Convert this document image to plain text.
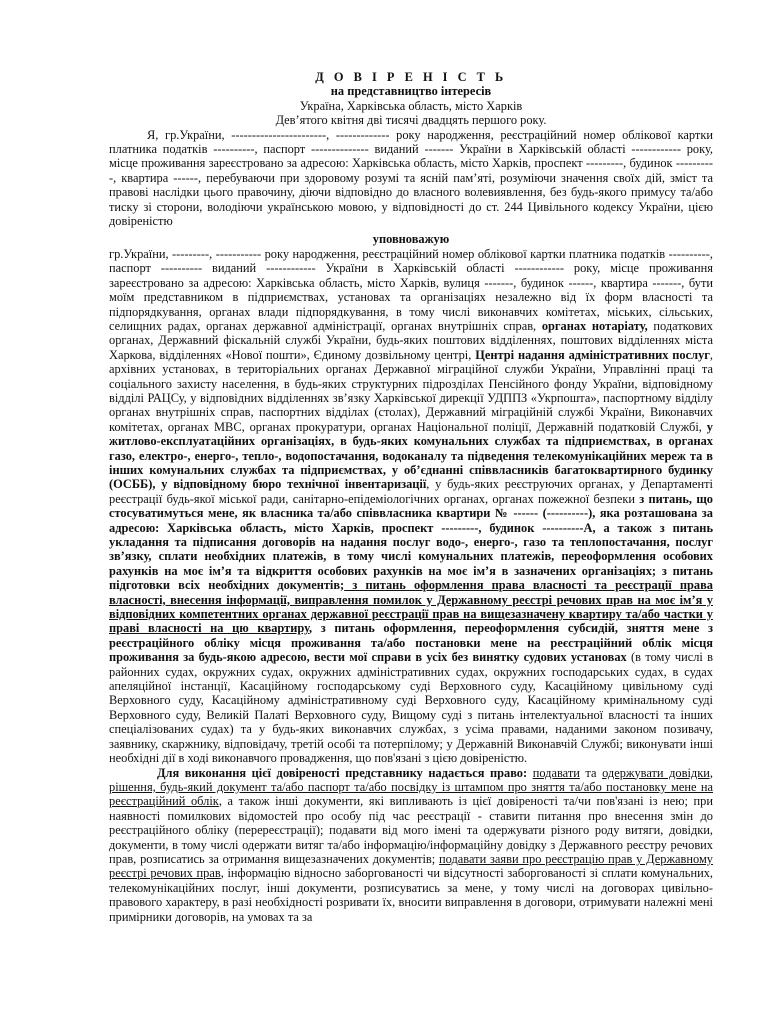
Д О В І Р Е Н І С Т Ь
на представництво інтересів
Україна, Харківська область, місто Харків
Дев’ятого квітня дві тисячі двадцять першого року.

Я, гр.України, -----------------------, ------------- року народження, реєстраційний номер облікової картки платника податків ----------, паспорт -------------- виданий ------- України в Харківській області ------------ року, місце проживання зареєстровано за адресою: Харківська область, місто Харків, проспект ---------, будинок ----------, квартира ------, перебуваючи при здоровому розумі та ясній пам’яті, розуміючи значення своїх дій, зміст та правові наслідки цього правочину, діючи відповідно до власного волевиявлення, без будь-якого примусу та/або тиску зі сторони, володіючи українською мовою, у відповідності до ст. 244 Цивільного кодексу України, цією довіреністю

уповноважую

гр.України, ---------, ----------- року народження, реєстраційний номер облікової картки платника податків ----------, паспорт ---------- виданий ------------ України в Харківській області ------------ року, місце проживання зареєстровано за адресою: Харківська область, місто Харків, вулиця -------, будинок ------, квартира -------, бути моїм представником в підприємствах, установах та організаціях незалежно від їх форм власності та підпорядкування, органах влади підпорядкування, в тому числі виконавчих комітетах, міських, сільських, селищних радах, органах державної адміністрації, органах внутрішніх справ, органах нотаріату, податкових органах, Державний фіскальній службі України, будь-яких поштових відділеннях, поштових відділеннях міста Харкова, відділеннях «Нової пошти», Єдиному дозвільному центрі, Центрі надання адміністративних послуг, архівних установах, в територіальних органах Державної міграційної служби України, Управлінні праці та соціального захисту населення, в будь-яких структурних підрозділах Пенсійного фонду України, відповідному відділі РАЦСу, у відповідних відділеннях зв’язку Харківської дирекції УДППЗ «Укрпошта», паспортному відділу органах внутрішніх справ, паспортних відділах (столах), Державний міграційній службі України, Виконавчих комітетах, органах МВС, органах прокуратури, органах Національної поліції, Державній податковій Службі, у житлово-експлуатаційних організаціях, в будь-яких комунальних службах та підприємствах, в органах газо, електро-, енерго-, тепло-, водопостачання, водоканалу та підведення телекомунікаційних мереж та в інших комунальних службах та підприємствах, у об’єднанні співвласників багатоквартирного будинку (ОСББ), у відповідному бюро технічної інвентаризації, у будь-яких реєструючих органах, у Департаменті реєстрації будь-якої міської ради, санітарно-епідеміологічних органах, органах пожежної безпеки з питань, що стосуватимуться мене, як власника та/або співвласника квартири № ------ (----------), яка розташована за адресою: Харківська область, місто Харків, проспект ---------, будинок ----------А, а також з питань укладання та підписання договорів на надання послуг водо-, енерго-, газо та теплопостачання, послуг зв’язку, сплати необхідних платежів, в тому числі комунальних платежів, переоформлення особових рахунків на моє ім’я та відкриття особових рахунків на моє ім’я в зазначених організаціях; з питань підготовки всіх необхідних документів; з питань оформлення права власності та реєстрації права власності, внесення інформації, виправлення помилок у Державному реєстрі речових прав на моє ім’я у відповідних компетентних органах державної реєстрації прав на вищезазначену квартиру та/або частки у праві власності на цю квартиру, з питань оформлення, переоформлення субсидій, зняття мене з реєстраційного обліку місця проживання та/або постановки мене на реєстраційний облік місця проживання за будь-якою адресою, вести мої справи в усіх без винятку судових установах (в тому числі в районних судах, окружних судах, окружних адміністративних судах, окружних господарських судах, в судах апеляційної інстанції, Касаційному господарському суді Верховного суду, Касаційному цивільному суді Верховного суду, Касаційному адміністративному суді Верховного суду, Касаційному кримінальному суді Верховного суду, Великій Палаті Верховного суду, Вищому суді з питань інтелектуальної власності та інших спеціалізованих судах) та у будь-яких виконавчих службах, з усіма правами, наданими законом позивачу, заявнику, скаржнику, відповідачу, третій особі та потерпілому; у Державній Виконавчій Службі; виконувати інші необхідні дії в ході виконавчого провадження, що пов'язані з цією довіреністю.

Для виконання цієї довіреності представнику надається право: подавати та одержувати довідки, рішення, будь-який документ та/або паспорт та/або посвідку із штампом про зняття та/або постановку мене на реєстраційний облік, а також інші документи, які випливають із цієї довіреності та/чи пов'язані із нею; при наявності помилкових відомостей про особу під час реєстрації - ставити питання про внесення змін до реєстраційного обліку (перереєстрації); подавати від мого імені та одержувати різного роду витяги, довідки, документи, в тому числі одержати витяг та/або інформацію/інформаційну довідку з Державного реєстру речових прав, розписатись за отримання вищезазначених документів; подавати заяви про реєстрацію прав у Державному реєстрі речових прав, інформацію відносно заборгованості чи відсутності заборгованості зі сплати комунальних, телекомунікаційних послуг, інші документи, розписуватись за мене, у тому числі на договорах цивільно-правового характеру, в разі необхідності розривати їх, вносити виправлення в договори, отримувати належні мені примірники договорів, на умовах та за
